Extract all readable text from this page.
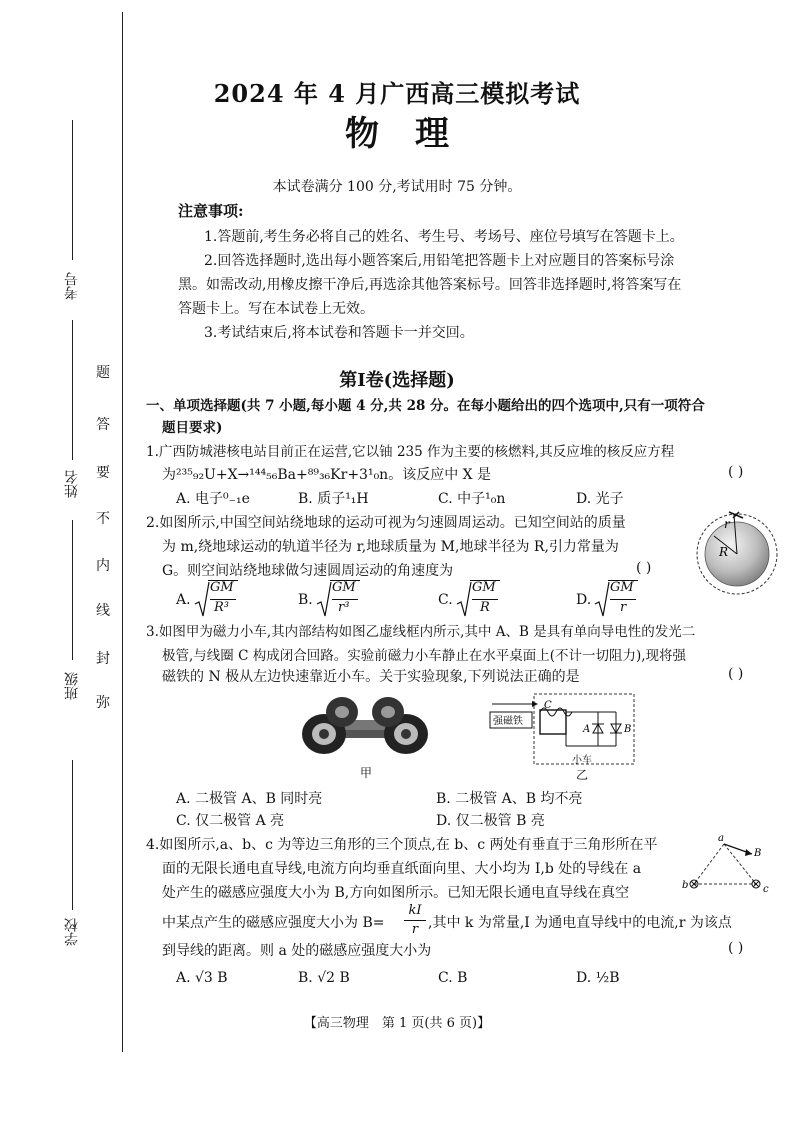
考号
姓名
班级
学校
题
答
要
不
内
线
封
弥
2024 年 4 月广西高三模拟考试
物理
本试卷满分 100 分,考试用时 75 分钟。
注意事项:
1.答题前,考生务必将自己的姓名、考生号、考场号、座位号填写在答题卡上。
2.回答选择题时,选出每小题答案后,用铅笔把答题卡上对应题目的答案标号涂
黑。如需改动,用橡皮擦干净后,再选涂其他答案标号。回答非选择题时,将答案写在
答题卡上。写在本试卷上无效。
3.考试结束后,将本试卷和答题卡一并交回。
第Ⅰ卷(选择题)
一、单项选择题(共 7 小题,每小题 4 分,共 28 分。在每小题给出的四个选项中,只有一项符合
题目要求)
1.广西防城港核电站目前正在运营,它以铀 235 作为主要的核燃料,其反应堆的核反应方程
为²³⁵₉₂U+X→¹⁴⁴₅₆Ba+⁸⁹₃₆Kr+3¹₀n。该反应中 X 是	( )
A. 电子⁰₋₁e	B. 质子¹₁H	C. 中子¹₀n	D. 光子
2.如图所示,中国空间站绕地球的运动可视为匀速圆周运动。已知空间站的质量
为 m,绕地球运动的轨道半径为 r,地球质量为 M,地球半径为 R,引力常量为
G。则空间站绕地球做匀速圆周运动的角速度为	( )
R
r
A.
GM
R³	B.
GM
r³	C.
GM
R	D.
GM
r
3.如图甲为磁力小车,其内部结构如图乙虚线框内所示,其中 A、B 是具有单向导电性的发光二
极管,与线圈 C 构成闭合回路。实验前磁力小车静止在水平桌面上(不计一切阻力),现将强
磁铁的 N 极从左边快速靠近小车。关于实验现象,下列说法正确的是	( )
甲
强磁铁
C
A	B
小车
乙
A. 二极管 A、B 同时亮	B. 二极管 A、B 均不亮
C. 仅二极管 A 亮	D. 仅二极管 B 亮
4.如图所示,a、b、c 为等边三角形的三个顶点,在 b、c 两处有垂直于三角形所在平
面的无限长通电直导线,电流方向均垂直纸面向里、大小均为 I,b 处的导线在 a
处产生的磁感应强度大小为 B,方向如图所示。已知无限长通电直导线在真空
a
B
b	c
中某点产生的磁感应强度大小为 $B= \frac{kI}{r}$ ,其中 k 为常量,I 为通电直导线中的电流,r 为该点
到导线的距离。则 a 处的磁感应强度大小为	( )
A. √3 B	B. √2 B	C. B	D. ½B
【高三物理　第 1 页(共 6 页)】
